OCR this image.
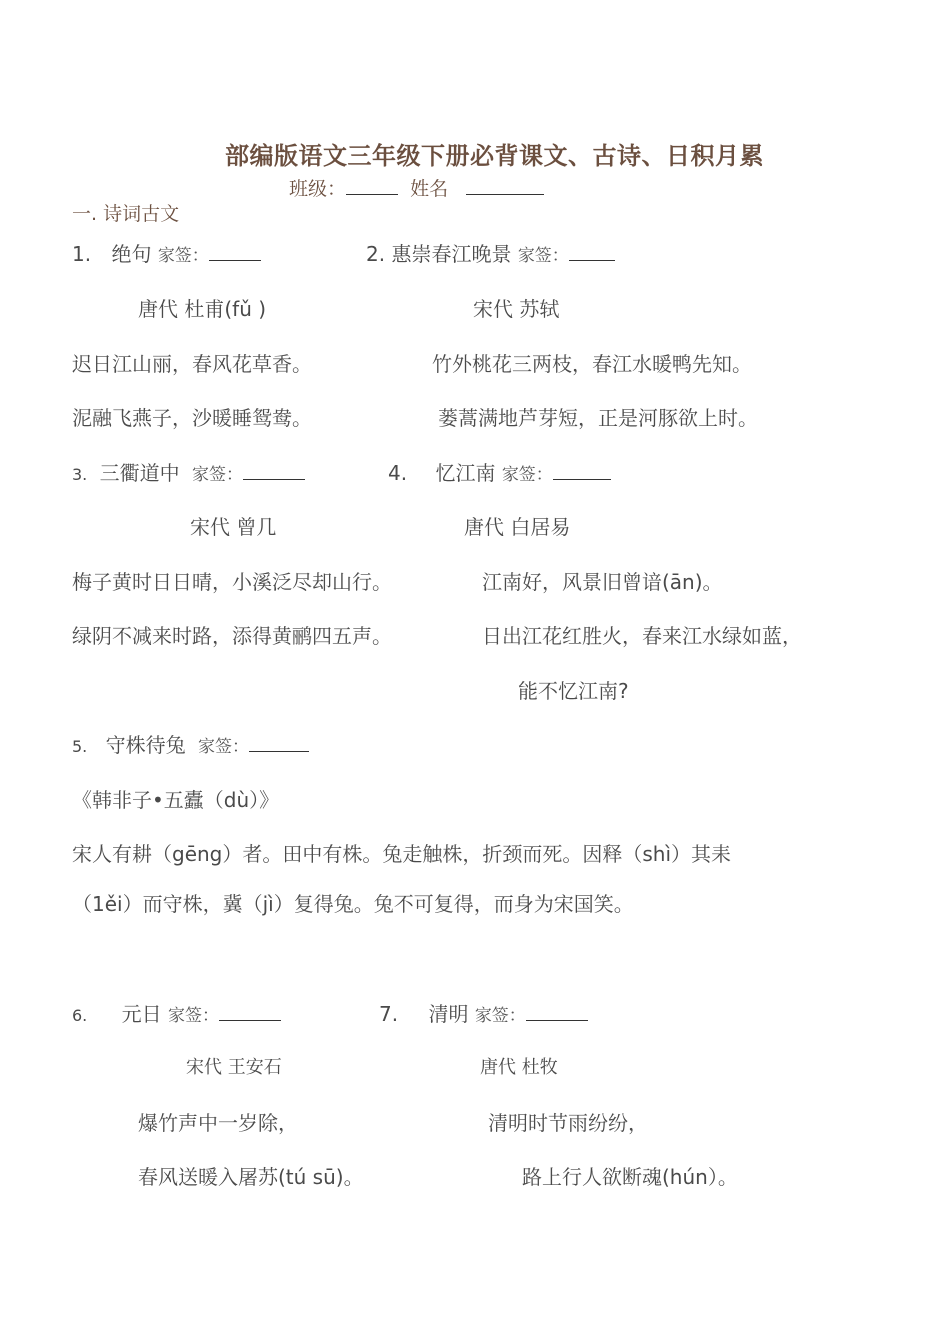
部编版语文三年级下册必背课文、古诗、日积月累
班级：	姓名
一. 诗词古文
1. 绝句 家签：	2. 惠崇春江晚景 家签：
唐代 杜甫(fǔ )	宋代 苏轼
迟日江山丽，春风花草香。	竹外桃花三两枝，春江水暖鸭先知。
泥融飞燕子，沙暖睡鸳鸯。	蒌蒿满地芦芽短，正是河豚欲上时。
3. 三衢道中 家签：	4. 忆江南 家签：
宋代 曾几	唐代 白居易
梅子黄时日日晴，小溪泛尽却山行。	江南好，风景旧曾谙(ān)。
绿阴不减来时路，添得黄鹂四五声。	日出江花红胜火，春来江水绿如蓝，
能不忆江南?
5. 守株待兔 家签：
《韩非子•五蠹（dù）》
宋人有耕（gēng）者。田中有株。兔走触株，折颈而死。因释（shì）其耒
（1ěi）而守株，冀（jì）复得兔。兔不可复得，而身为宋国笑。
6. 元日 家签：	7. 清明 家签：
宋代 王安石	唐代 杜牧
爆竹声中一岁除，	清明时节雨纷纷，
春风送暖入屠苏(tú sū)。	路上行人欲断魂(hún）。
